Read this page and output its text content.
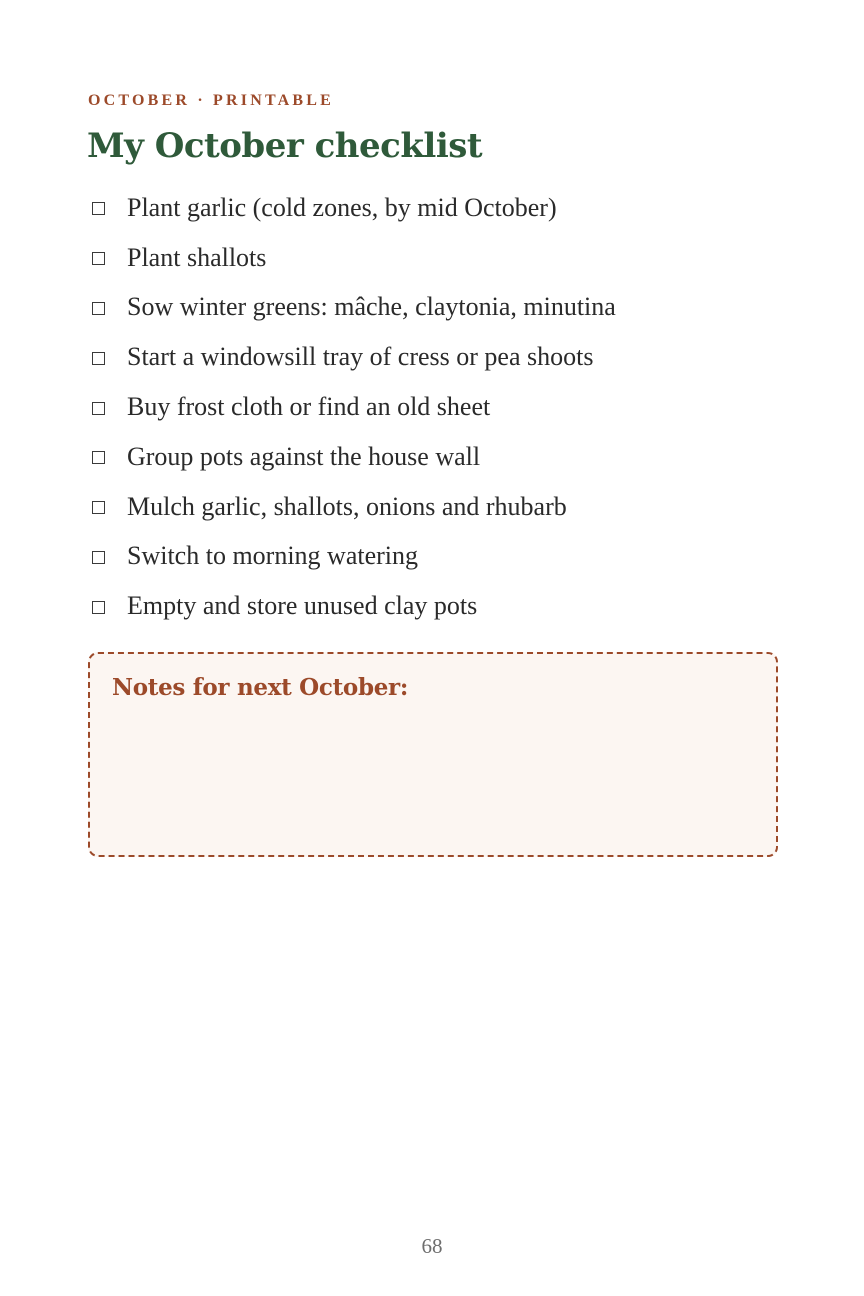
OCTOBER · PRINTABLE
My October checklist
Plant garlic (cold zones, by mid October)
Plant shallots
Sow winter greens: mâche, claytonia, minutina
Start a windowsill tray of cress or pea shoots
Buy frost cloth or find an old sheet
Group pots against the house wall
Mulch garlic, shallots, onions and rhubarb
Switch to morning watering
Empty and store unused clay pots
Notes for next October:
68
